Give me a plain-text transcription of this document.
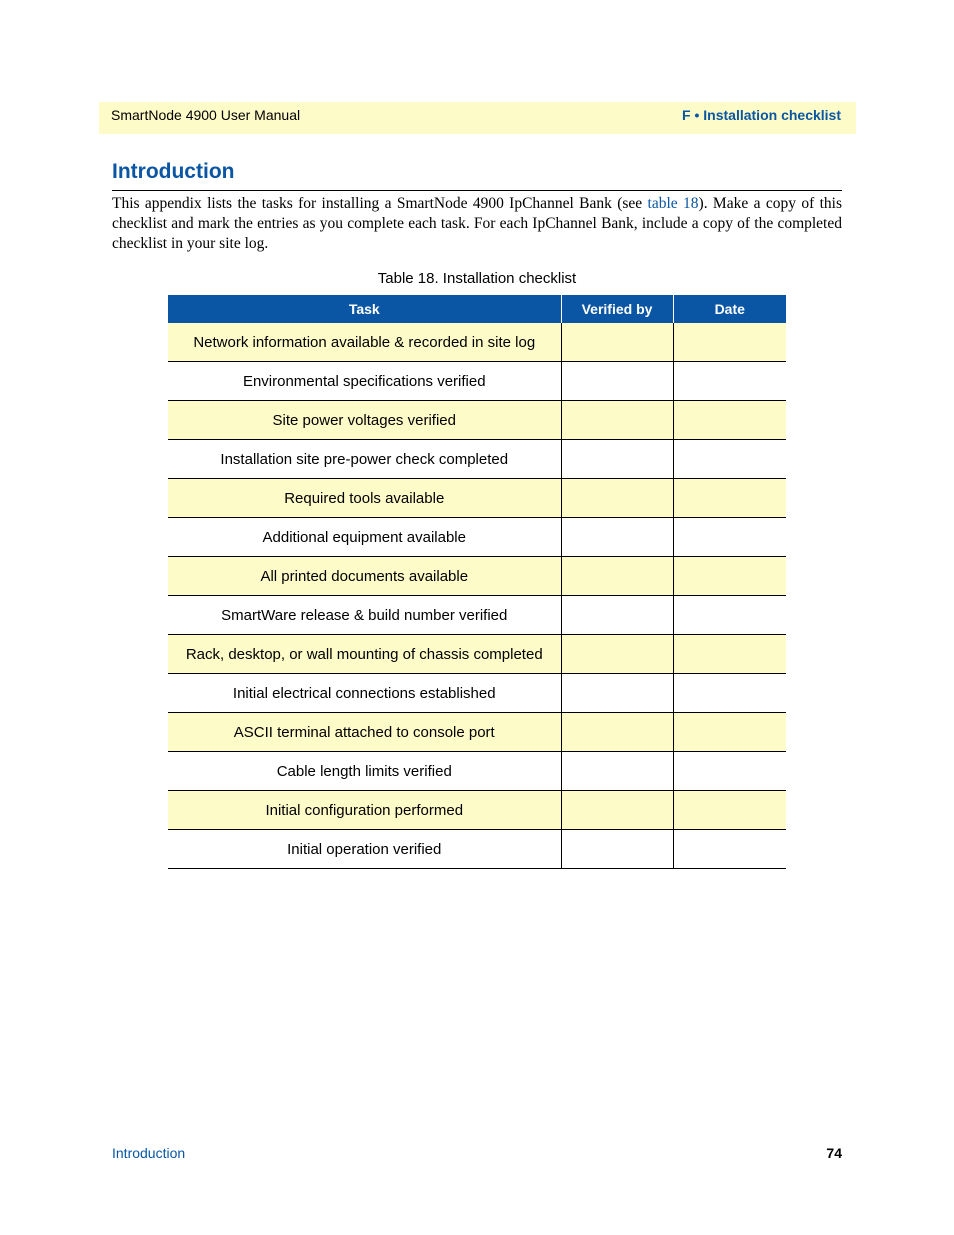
SmartNode 4900 User Manual	F • Installation checklist
Introduction

This appendix lists the tasks for installing a SmartNode 4900 IpChannel Bank (see table 18). Make a copy of this checklist and mark the entries as you complete each task. For each IpChannel Bank, include a copy of the completed checklist in your site log.

Table 18. Installation checklist
Task	Verified by	Date
Network information available & recorded in site log		
Environmental specifications verified		
Site power voltages verified		
Installation site pre-power check completed		
Required tools available		
Additional equipment available		
All printed documents available		
SmartWare release & build number verified		
Rack, desktop, or wall mounting of chassis completed		
Initial electrical connections established		
ASCII terminal attached to console port		
Cable length limits verified		
Initial configuration performed		
Initial operation verified		
Introduction	74
